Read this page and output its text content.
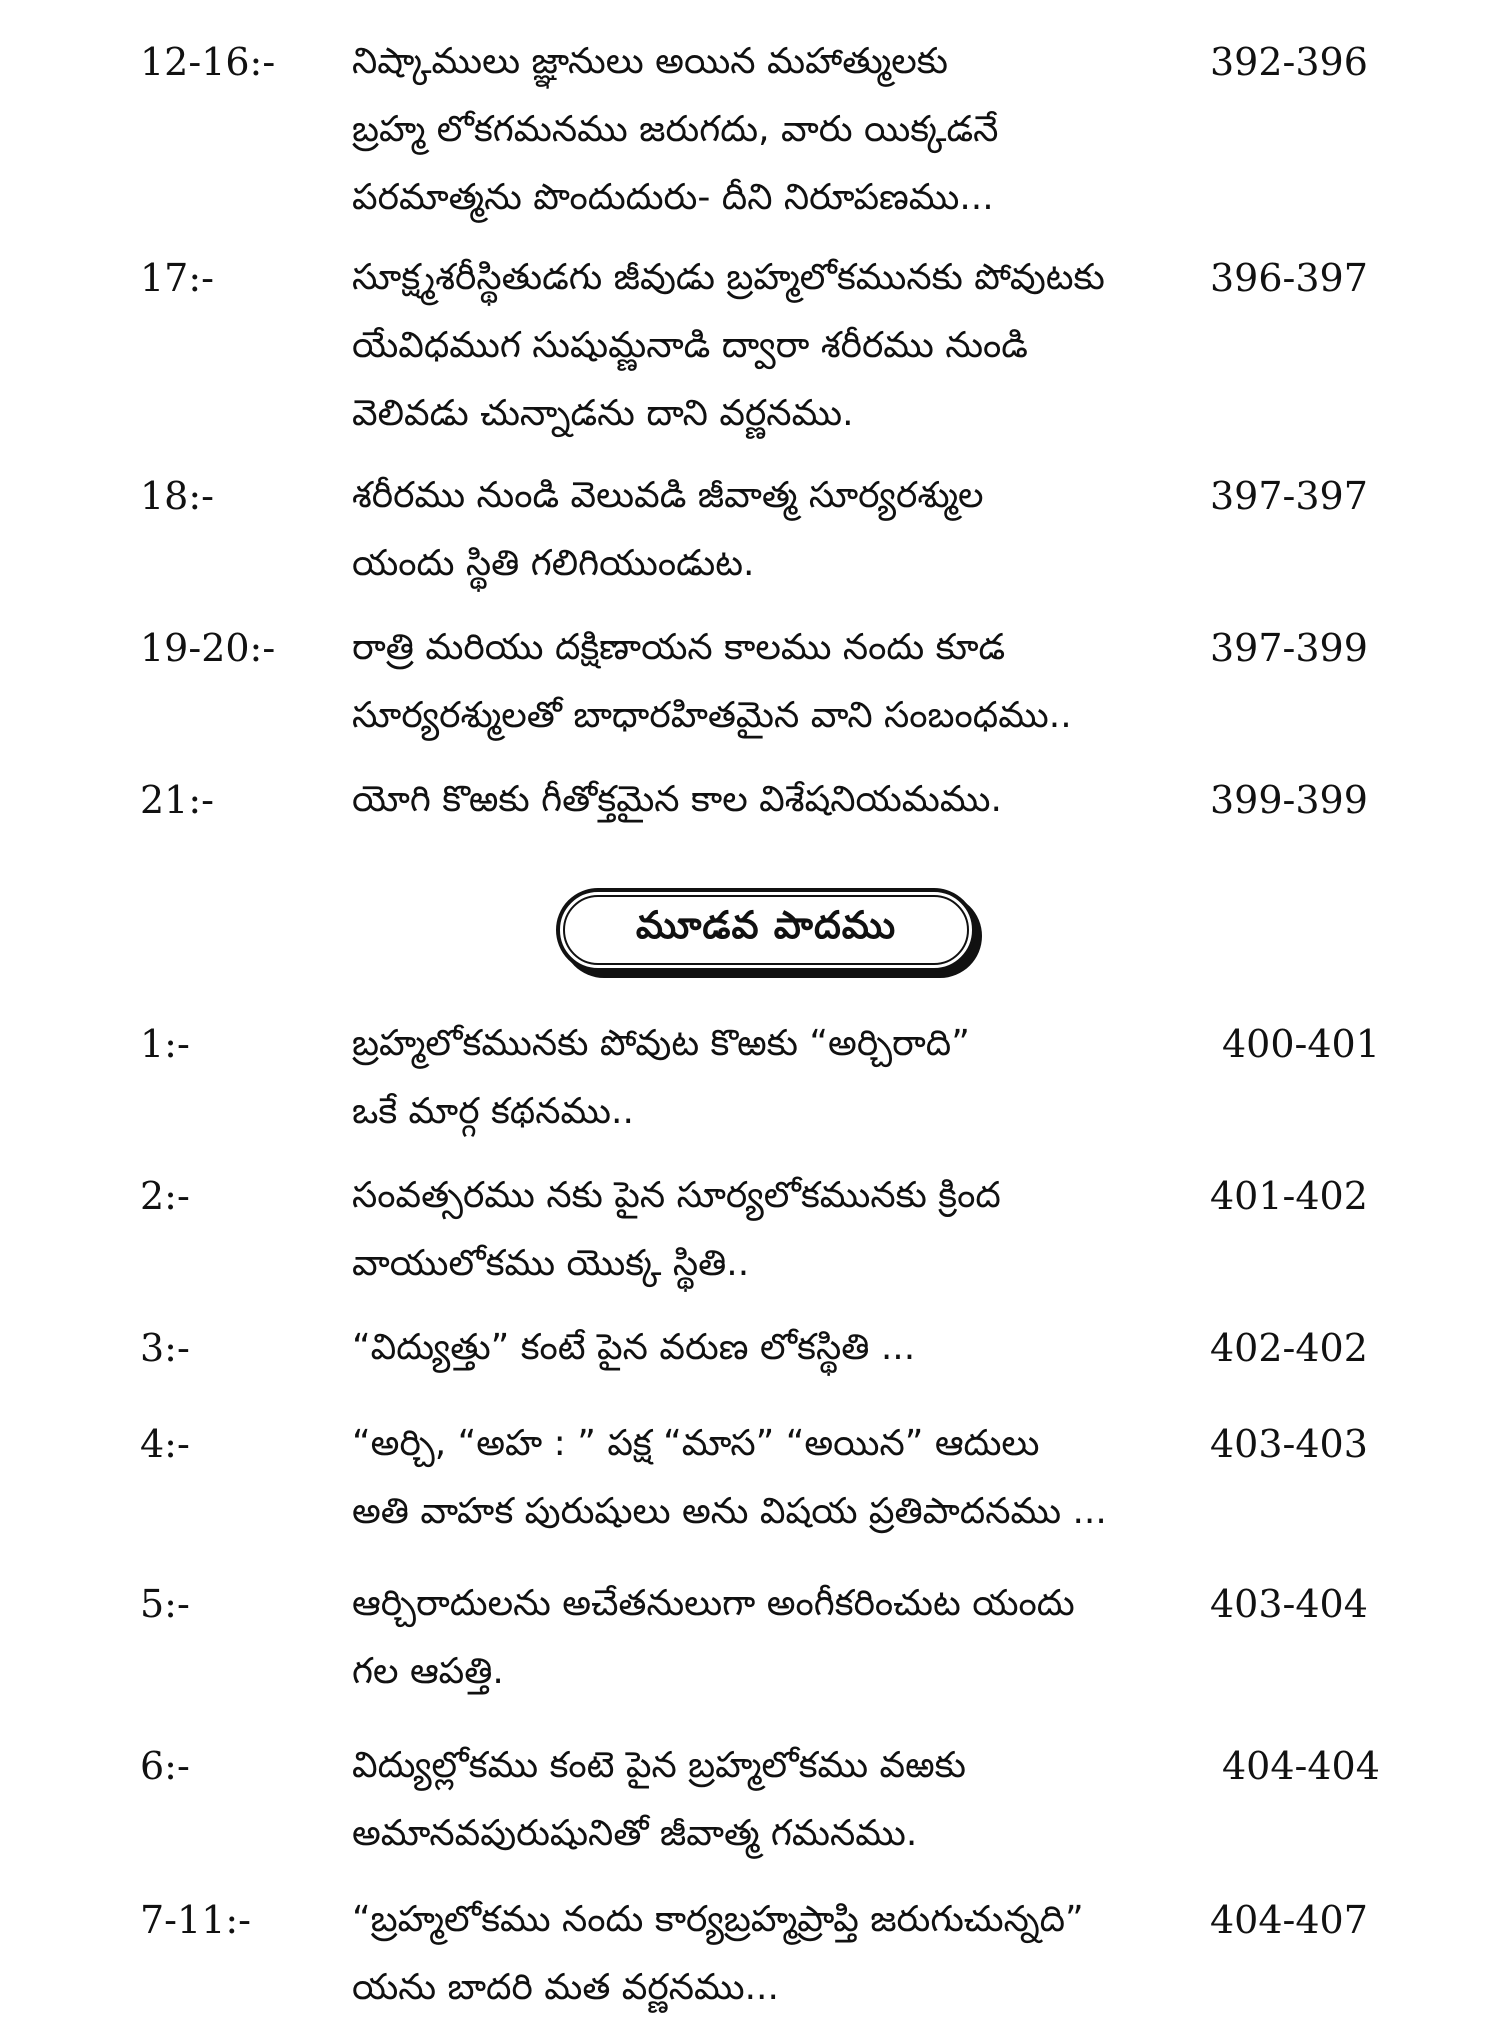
12-16:- నిష్కాములు జ్ఞానులు అయిన మహాత్ములకు
బ్రహ్మ లోకగమనము జరుగదు, వారు యిక్కడనే
పరమాత్మను పొందుదురు- దీని నిరూపణము...
392-396
17:-	సూక్ష్మశరీస్థితుడగు జీవుడు బ్రహ్మలోకమునకు పోవుటకు
యేవిధముగ సుషుమ్ణనాడి ద్వారా శరీరము నుండి
వెలివడు చున్నాడను దాని వర్ణనము.
396-397
18:-	శరీరము నుండి వెలువడి జీవాత్మ సూర్యరశ్ముల
యందు స్థితి గలిగియుండుట.
397-397
19-20:- రాత్రి మరియు దక్షిణాయన కాలము నందు కూడ
సూర్యరశ్ములతో బాధారహితమైన వాని సంబంధము..
397-399
21:-	యోగి కొఱకు గీతోక్తమైన కాల విశేషనియమము.	399-399
మూడవ పాదము
1:-	బ్రహ్మలోకమునకు పోవుట కొఱకు “అర్చిరాది”
ఒకే మార్గ కథనము..
400-401
2:-	సంవత్సరము నకు పైన సూర్యలోకమునకు క్రింద
వాయులోకము యొక్క స్థితి..
401-402
3:-	“విద్యుత్తు” కంటే పైన వరుణ లోకస్థితి ...	402-402
4:-	“అర్చి, “అహ : ” పక్ష “మాస” “అయిన” ఆదులు
అతి వాహక పురుషులు అను విషయ ప్రతిపాదనము ...
403-403
5:-	ఆర్చిరాదులను అచేతనులుగా అంగీకరించుట యందు
గల ఆపత్తి.
403-404
6:-	విద్యుల్లోకము కంటె పైన బ్రహ్మలోకము వఱకు
అమానవపురుషునితో జీవాత్మ గమనము.
404-404
7-11:-	“బ్రహ్మలోకము నందు కార్యబ్రహ్మప్రాప్తి జరుగుచున్నది”
యను బాదరి మత వర్ణనము...
404-407
